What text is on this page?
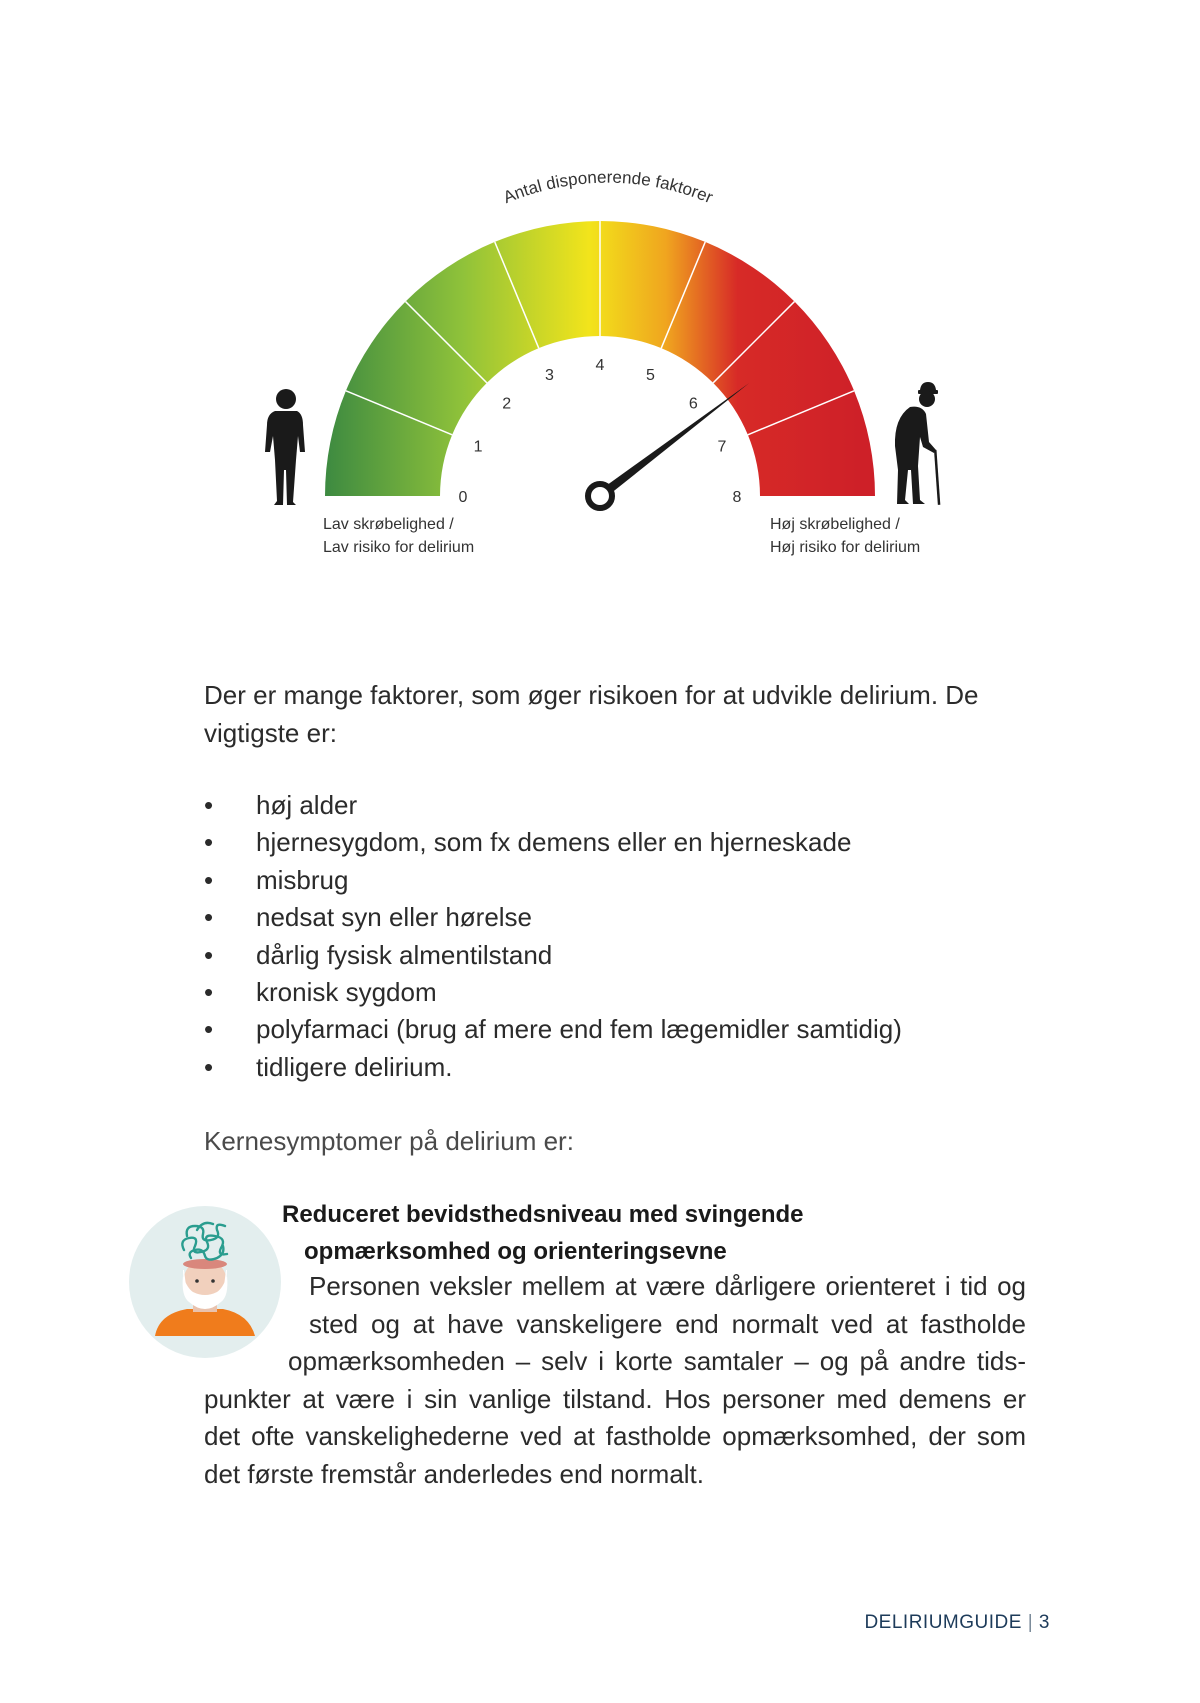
0
1
2
3
4
5
6
7
8
Antal disponerende faktorer
Lav skrøbelighed /
Lav risiko for delirium
Høj skrøbelighed /
Høj risiko for delirium
Der er mange faktorer, som øger risikoen for at udvikle delirium. De vigtigste er:
• høj alder
• hjernesygdom, som fx demens eller en hjerneskade
• misbrug
• nedsat syn eller hørelse
• dårlig fysisk almentilstand
• kronisk sygdom
• polyfarmaci (brug af mere end fem lægemidler samtidig)
• tidligere delirium.
Kernesymptomer på delirium er:
Reduceret bevidsthedsniveau med svingende
opmærksomhed og orienteringsevne
Personen veksler mellem at være dårligere orienteret i tid og
sted og at have vanskeligere end normalt ved at fastholde
opmærksomheden – selv i korte samtaler – og på andre tids-
punkter at være i sin vanlige tilstand. Hos personer med demens er
det ofte vanskelighederne ved at fastholde opmærksomhed, der som
det første fremstår anderledes end normalt.
DELIRIUMGUIDE | 3
